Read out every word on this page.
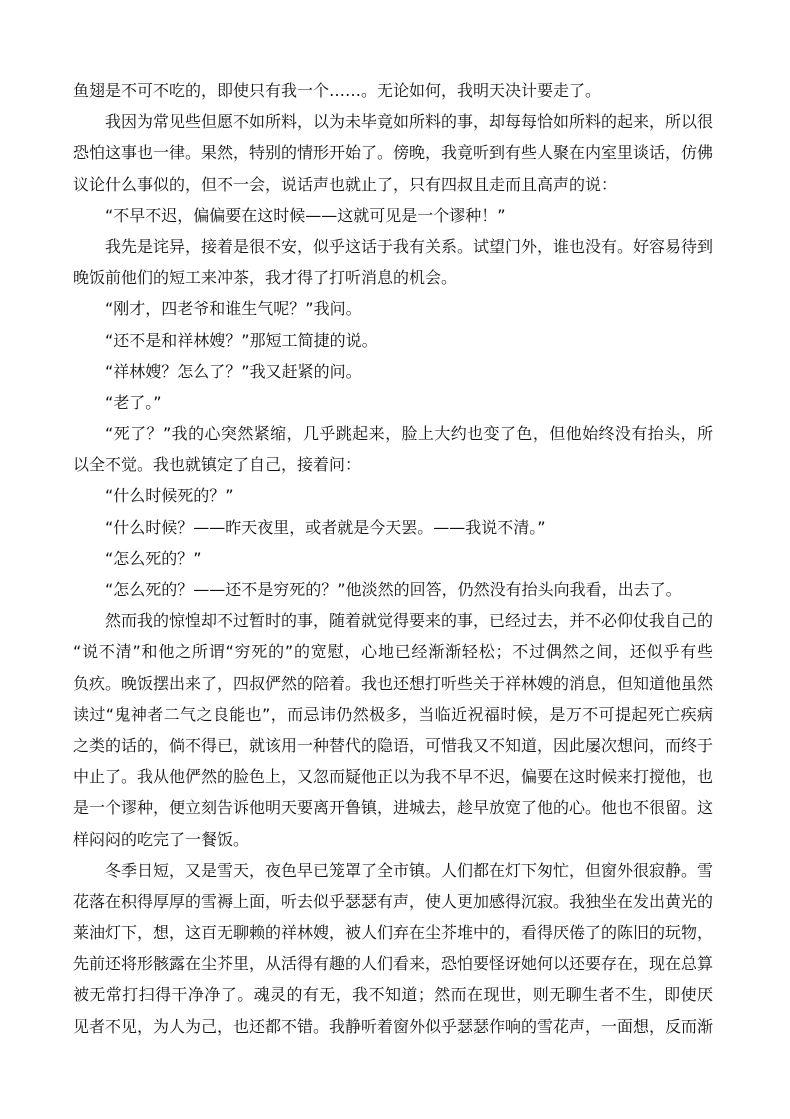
鱼翅是不可不吃的，即使只有我一个……。无论如何，我明天决计要走了。
我因为常见些但愿不如所料，以为未毕竟如所料的事，却每每恰如所料的起来，所以很
恐怕这事也一律。果然，特别的情形开始了。傍晚，我竟听到有些人聚在内室里谈话，仿佛
议论什么事似的，但不一会，说话声也就止了，只有四叔且走而且高声的说：
“不早不迟，偏偏要在这时候——这就可见是一个谬种！”
我先是诧异，接着是很不安，似乎这话于我有关系。试望门外，谁也没有。好容易待到
晚饭前他们的短工来冲茶，我才得了打听消息的机会。
“刚才，四老爷和谁生气呢？”我问。
“还不是和祥林嫂？”那短工简捷的说。
“祥林嫂？怎么了？”我又赶紧的问。
“老了。”
“死了？”我的心突然紧缩，几乎跳起来，脸上大约也变了色，但他始终没有抬头，所
以全不觉。我也就镇定了自己，接着问：
“什么时候死的？”
“什么时候？——昨天夜里，或者就是今天罢。——我说不清。”
“怎么死的？”
“怎么死的？——还不是穷死的？”他淡然的回答，仍然没有抬头向我看，出去了。
然而我的惊惶却不过暂时的事，随着就觉得要来的事，已经过去，并不必仰仗我自己的
“说不清”和他之所谓“穷死的”的宽慰，心地已经渐渐轻松；不过偶然之间，还似乎有些
负疚。晚饭摆出来了，四叔俨然的陪着。我也还想打听些关于祥林嫂的消息，但知道他虽然
读过“鬼神者二气之良能也”，而忌讳仍然极多，当临近祝福时候，是万不可提起死亡疾病
之类的话的，倘不得已，就该用一种替代的隐语，可惜我又不知道，因此屡次想问，而终于
中止了。我从他俨然的脸色上，又忽而疑他正以为我不早不迟，偏要在这时候来打搅他，也
是一个谬种，便立刻告诉他明天要离开鲁镇，进城去，趁早放宽了他的心。他也不很留。这
样闷闷的吃完了一餐饭。
冬季日短，又是雪天，夜色早已笼罩了全市镇。人们都在灯下匆忙，但窗外很寂静。雪
花落在积得厚厚的雪褥上面，听去似乎瑟瑟有声，使人更加感得沉寂。我独坐在发出黄光的
莱油灯下，想，这百无聊赖的祥林嫂，被人们弃在尘芥堆中的，看得厌倦了的陈旧的玩物，
先前还将形骸露在尘芥里，从活得有趣的人们看来，恐怕要怪讶她何以还要存在，现在总算
被无常打扫得干净净了。魂灵的有无，我不知道；然而在现世，则无聊生者不生，即使厌
见者不见，为人为己，也还都不错。我静听着窗外似乎瑟瑟作响的雪花声，一面想，反而渐
